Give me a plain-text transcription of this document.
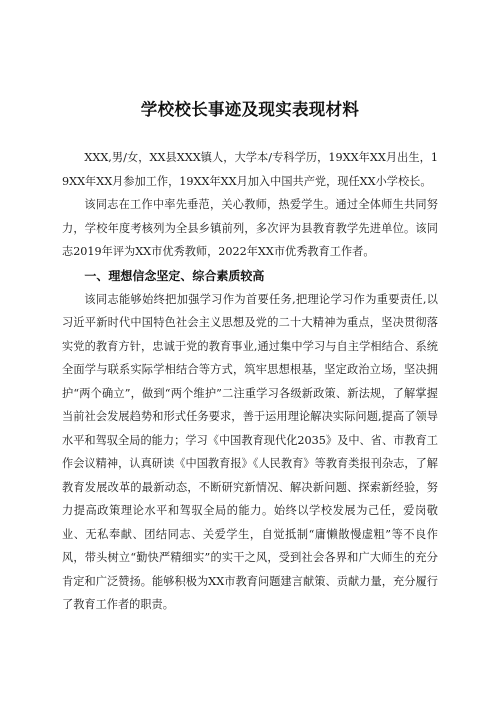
学校校长事迹及现实表现材料

XXX,男/女，XX县XXX镇人，大学本/专科学历，19XX年XX月出生，19XX年XX月参加工作，19XX年XX月加入中国共产党，现任XX小学校长。

该同志在工作中率先垂范，关心教师，热爱学生。通过全体师生共同努力，学校年度考核列为全县乡镇前列，多次评为县教育教学先进单位。该同志2019年评为XX市优秀教师，2022年XX市优秀教育工作者。

一、理想信念坚定、综合素质较高

该同志能够始终把加强学习作为首要任务,把理论学习作为重要责任,以习近平新时代中国特色社会主义思想及党的二十大精神为重点，坚决贯彻落实党的教育方针，忠诚于党的教育事业,通过集中学习与自主学相结合、系统全面学与联系实际学相结合等方式，筑牢思想根基，坚定政治立场，坚决拥护“两个确立”，做到“两个维护”二注重学习各级新政策、新法规，了解掌握当前社会发展趋势和形式任务要求，善于运用理论解决实际问题,提高了领导水平和驾驭全局的能力；学习《中国教育现代化2035》及中、省、市教育工作会议精神，认真研读《中国教育报》《人民教育》等教育类报刊杂志，了解教育发展改革的最新动态，不断研究新情况、解决新问题、探索新经验，努力提高政策理论水平和驾驭全局的能力。始终以学校发展为己任，爱岗敬业、无私奉献、团结同志、关爱学生，自觉抵制“庸懒散慢虚粗”等不良作风，带头树立“勤快严精细实”的实干之风，受到社会各界和广大师生的充分肯定和广泛赞扬。能够积极为XX市教育问题建言献策、贡献力量，充分履行了教育工作者的职责。
